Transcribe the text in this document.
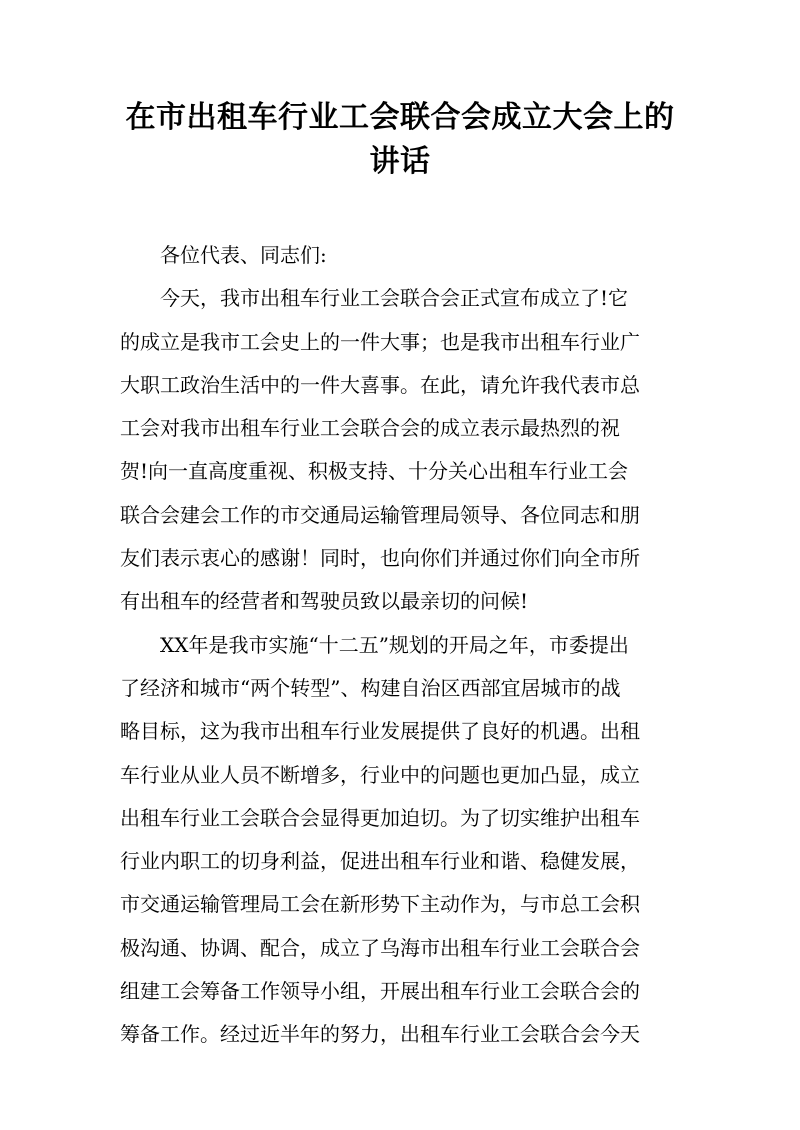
在市出租车行业工会联合会成立大会上的
讲话
各位代表、同志们:
今天，我市出租车行业工会联合会正式宣布成立了!它
的成立是我市工会史上的一件大事；也是我市出租车行业广
大职工政治生活中的一件大喜事。在此，请允许我代表市总
工会对我市出租车行业工会联合会的成立表示最热烈的祝
贺!向一直高度重视、积极支持、十分关心出租车行业工会
联合会建会工作的市交通局运输管理局领导、各位同志和朋
友们表示衷心的感谢！同时，也向你们并通过你们向全市所
有出租车的经营者和驾驶员致以最亲切的问候!
XX年是我市实施“十二五”规划的开局之年，市委提出
了经济和城市“两个转型”、构建自治区西部宜居城市的战
略目标，这为我市出租车行业发展提供了良好的机遇。出租
车行业从业人员不断增多，行业中的问题也更加凸显，成立
出租车行业工会联合会显得更加迫切。为了切实维护出租车
行业内职工的切身利益，促进出租车行业和谐、稳健发展，
市交通运输管理局工会在新形势下主动作为，与市总工会积
极沟通、协调、配合，成立了乌海市出租车行业工会联合会
组建工会筹备工作领导小组，开展出租车行业工会联合会的
筹备工作。经过近半年的努力，出租车行业工会联合会今天
